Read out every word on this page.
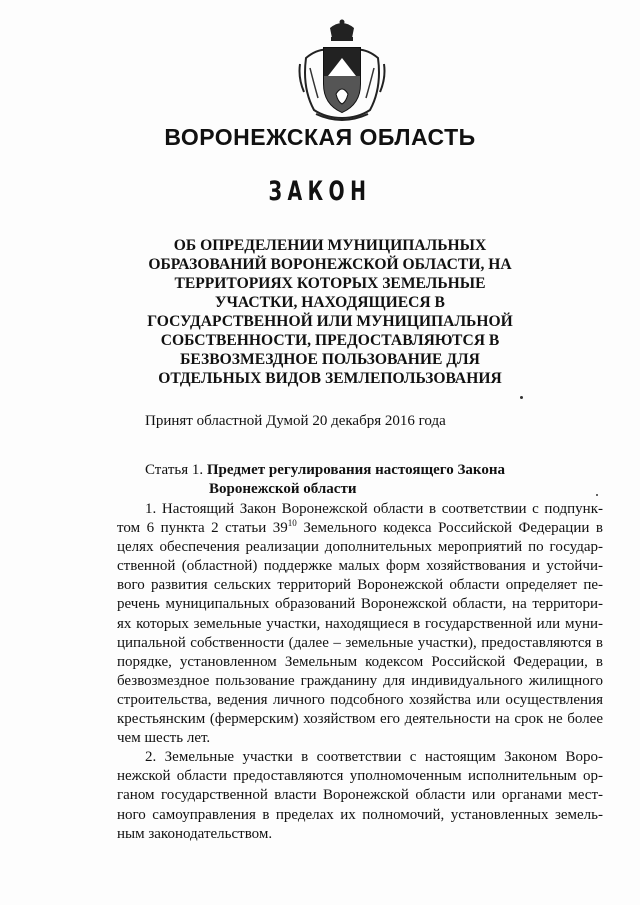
ВОРОНЕЖСКАЯ ОБЛАСТЬ
ЗАКОН
ОБ ОПРЕДЕЛЕНИИ МУНИЦИПАЛЬНЫХ
ОБРАЗОВАНИЙ ВОРОНЕЖСКОЙ ОБЛАСТИ, НА
ТЕРРИТОРИЯХ КОТОРЫХ ЗЕМЕЛЬНЫЕ
УЧАСТКИ, НАХОДЯЩИЕСЯ В
ГОСУДАРСТВЕННОЙ ИЛИ МУНИЦИПАЛЬНОЙ
СОБСТВЕННОСТИ, ПРЕДОСТАВЛЯЮТСЯ В
БЕЗВОЗМЕЗДНОЕ ПОЛЬЗОВАНИЕ ДЛЯ
ОТДЕЛЬНЫХ ВИДОВ ЗЕМЛЕПОЛЬЗОВАНИЯ
Принят областной Думой 20 декабря 2016 года
Статья 1. Предмет регулирования настоящего Закона
Воронежской области
1. Настоящий Закон Воронежской области в соответствии с подпунк-
том 6 пункта 2 статьи $39^{10}$ Земельного кодекса Российской Федерации в
целях обеспечения реализации дополнительных мероприятий по государ-
ственной (областной) поддержке малых форм хозяйствования и устойчи-
вого развития сельских территорий Воронежской области определяет пе-
речень муниципальных образований Воронежской области, на территори-
ях которых земельные участки, находящиеся в государственной или муни-
ципальной собственности (далее – земельные участки), предоставляются в
порядке, установленном Земельным кодексом Российской Федерации, в
безвозмездное пользование гражданину для индивидуального жилищного
строительства, ведения личного подсобного хозяйства или осуществления
крестьянским (фермерским) хозяйством его деятельности на срок не более
чем шесть лет.
2. Земельные участки в соответствии с настоящим Законом Воро-
нежской области предоставляются уполномоченным исполнительным ор-
ганом государственной власти Воронежской области или органами мест-
ного самоуправления в пределах их полномочий, установленных земель-
ным законодательством.
